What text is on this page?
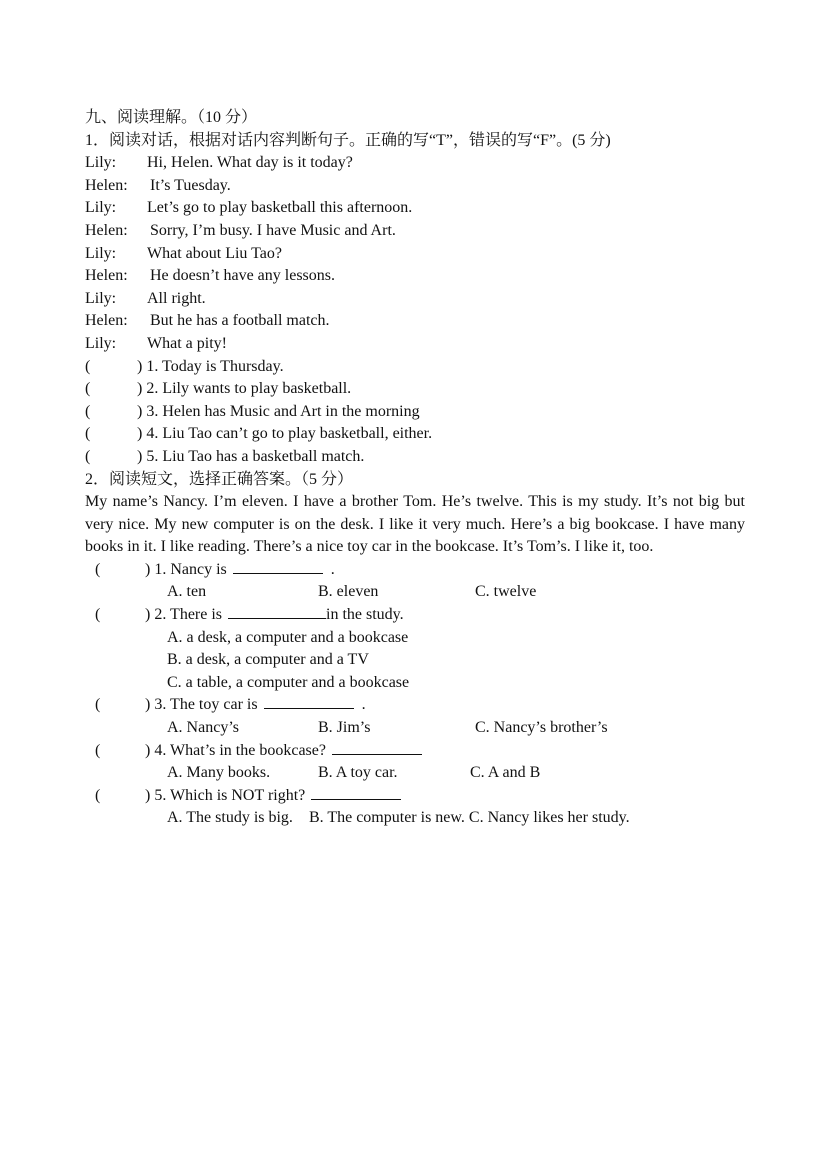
九、阅读理解。（10 分）
1．阅读对话，根据对话内容判断句子。正确的写“T”，错误的写“F”。(5 分)
Lily: Hi, Helen. What day is it today?
Helen: It’s Tuesday.
Lily: Let’s go to play basketball this afternoon.
Helen: Sorry, I’m busy. I have Music and Art.
Lily: What about Liu Tao?
Helen: He doesn’t have any lessons.
Lily: All right.
Helen: But he has a football match.
Lily: What a pity!
(	) 1. Today is Thursday.
(	) 2. Lily wants to play basketball.
(	) 3. Helen has Music and Art in the morning
(	) 4. Liu Tao can’t go to play basketball, either.
(	) 5. Liu Tao has a basketball match.
2．阅读短文，选择正确答案。（5 分）
My name’s Nancy. I’m eleven. I have a brother Tom. He’s twelve. This is my study. It’s not big but very nice. My new computer is on the desk. I like it very much. Here’s a big bookcase. I have many books in it. I like reading. There’s a nice toy car in the bookcase. It’s Tom’s. I like it, too.
(	) 1. Nancy is	.
A. ten	B. eleven	C. twelve
(	) 2. There is	in the study.
A. a desk, a computer and a bookcase
B. a desk, a computer and a TV
C. a table, a computer and a bookcase
(	) 3. The toy car is	.
A. Nancy’s	B. Jim’s	C. Nancy’s brother’s
(	) 4. What’s in the bookcase?
A. Many books.	B. A toy car.	C. A and B
(	) 5. Which is NOT right?
A. The study is big. B. The computer is new. C. Nancy likes her study.
